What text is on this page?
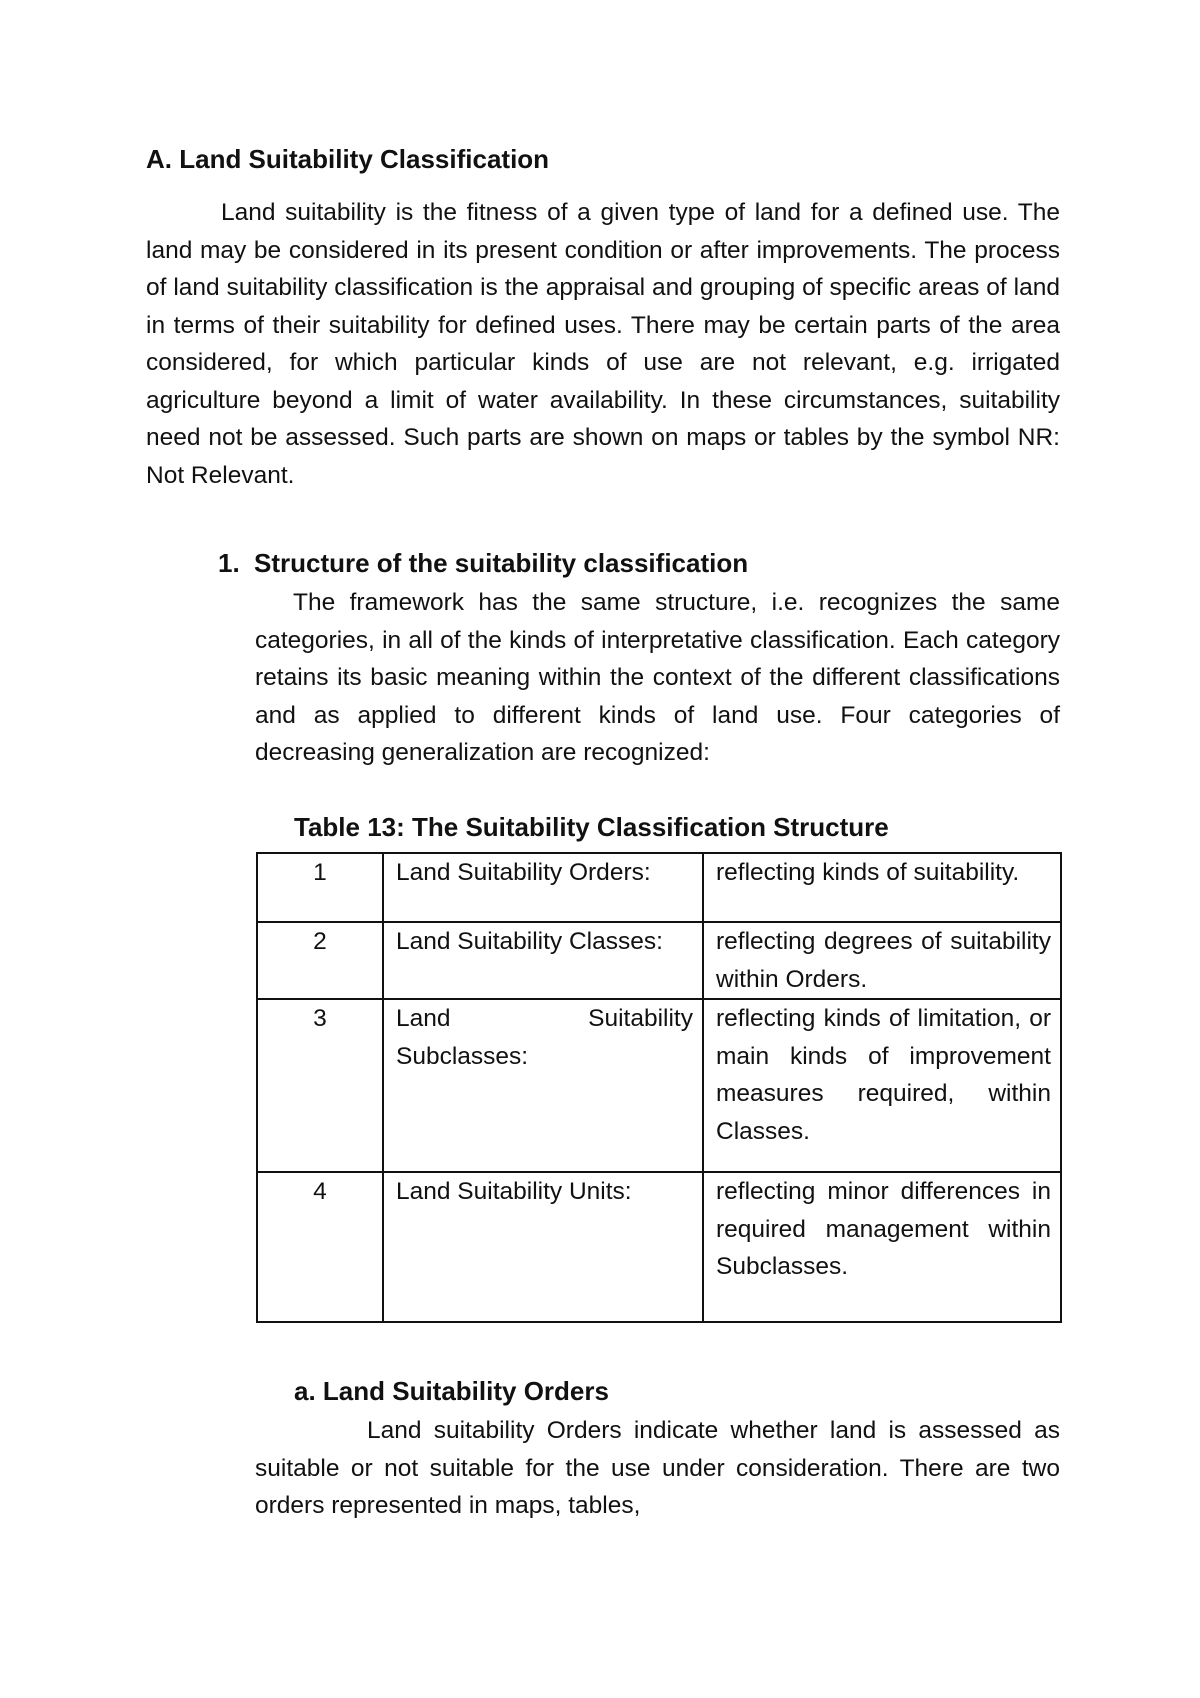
A. Land Suitability Classification

Land suitability is the fitness of a given type of land for a defined use. The land may be considered in its present condition or after improvements. The process of land suitability classification is the appraisal and grouping of specific areas of land in terms of their suitability for defined uses. There may be certain parts of the area considered, for which particular kinds of use are not relevant, e.g. irrigated agriculture beyond a limit of water availability. In these circumstances, suitability need not be assessed. Such parts are shown on maps or tables by the symbol NR: Not Relevant.

1. Structure of the suitability classification

The framework has the same structure, i.e. recognizes the same categories, in all of the kinds of interpretative classification. Each category retains its basic meaning within the context of the different classifications and as applied to different kinds of land use. Four categories of decreasing generalization are recognized:

Table 13: The Suitability Classification Structure
1	Land Suitability Orders:	reflecting kinds of suitability.
2	Land Suitability Classes:	reflecting degrees of suitability within Orders.
3	Land Suitability Subclasses:	reflecting kinds of limitation, or main kinds of improvement measures required, within Classes.
4	Land Suitability Units:	reflecting minor differences in required management within Subclasses.
a. Land Suitability Orders

Land suitability Orders indicate whether land is assessed as suitable or not suitable for the use under consideration. There are two orders represented in maps, tables,
